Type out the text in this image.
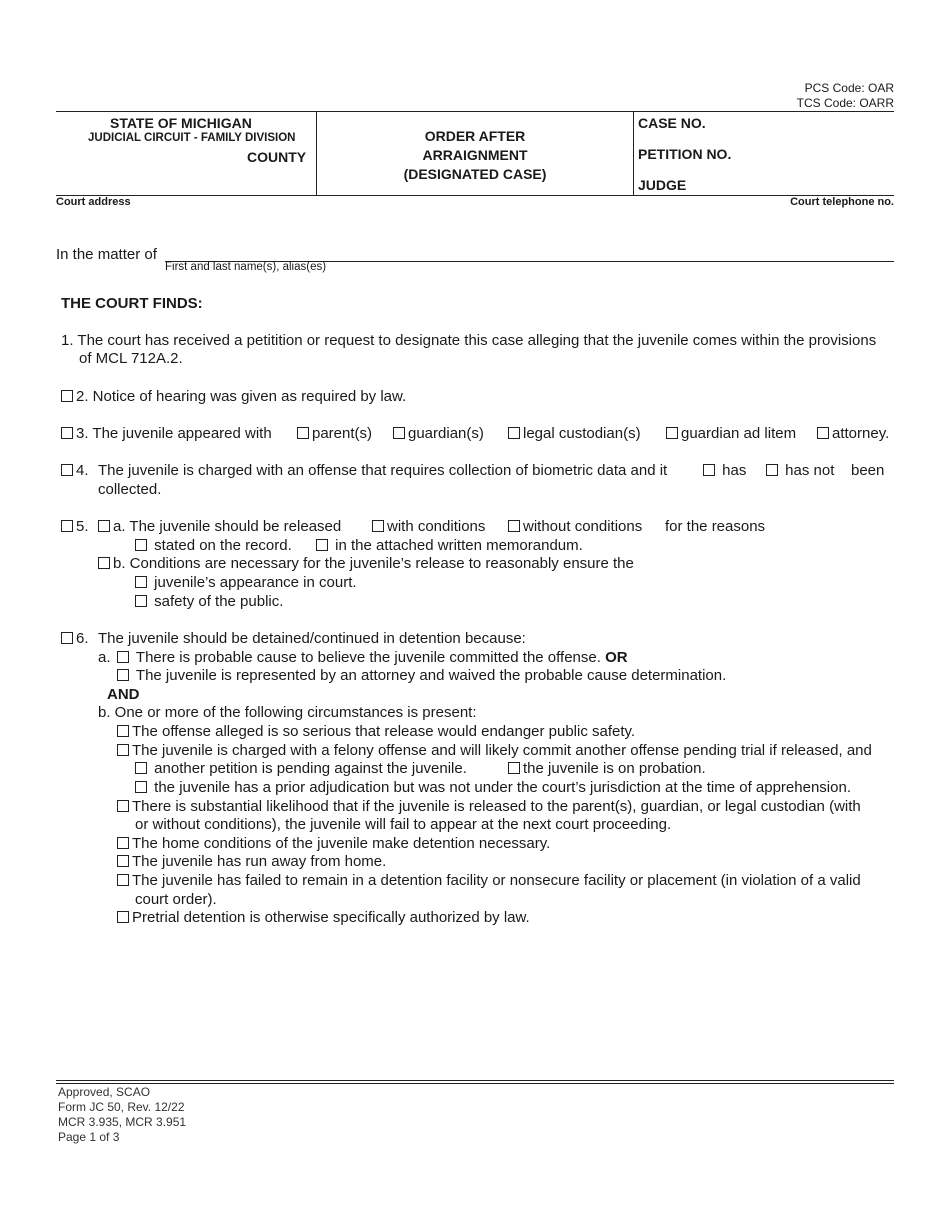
PCS Code: OAR
TCS Code: OARR
STATE OF MICHIGAN
JUDICIAL CIRCUIT - FAMILY DIVISION
COUNTY
ORDER AFTER
ARRAIGNMENT
(DESIGNATED CASE)
CASE NO.
PETITION NO.
JUDGE
Court address	Court telephone no.
In the matter of
First and last name(s), alias(es)
THE COURT FINDS:
1. The court has received a petitition or request to designate this case alleging that the juvenile comes within the provisions
of MCL 712A.2.
2. Notice of hearing was given as required by law.
3. The juvenile appeared with	parent(s)	guardian(s)	legal custodian(s)	guardian ad litem	attorney.
4. The juvenile is charged with an offense that requires collection of biometric data and it	has	has not been
collected.
5.	a. The juvenile should be released	with conditions	without conditions for the reasons
stated on the record.	in the attached written memorandum.
b. Conditions are necessary for the juvenile’s release to reasonably ensure the
juvenile’s appearance in court.
safety of the public.
6. The juvenile should be detained/continued in detention because:
a.	There is probable cause to believe the juvenile committed the offense. OR
The juvenile is represented by an attorney and waived the probable cause determination.
AND
b. One or more of the following circumstances is present:
The offense alleged is so serious that release would endanger public safety.
The juvenile is charged with a felony offense and will likely commit another offense pending trial if released, and
another petition is pending against the juvenile.	the juvenile is on probation.
the juvenile has a prior adjudication but was not under the court’s jurisdiction at the time of apprehension.
There is substantial likelihood that if the juvenile is released to the parent(s), guardian, or legal custodian (with
or without conditions), the juvenile will fail to appear at the next court proceeding.
The home conditions of the juvenile make detention necessary.
The juvenile has run away from home.
The juvenile has failed to remain in a detention facility or nonsecure facility or placement (in violation of a valid
court order).
Pretrial detention is otherwise specifically authorized by law.
Approved, SCAO
Form JC 50, Rev. 12/22
MCR 3.935, MCR 3.951
Page 1 of 3
